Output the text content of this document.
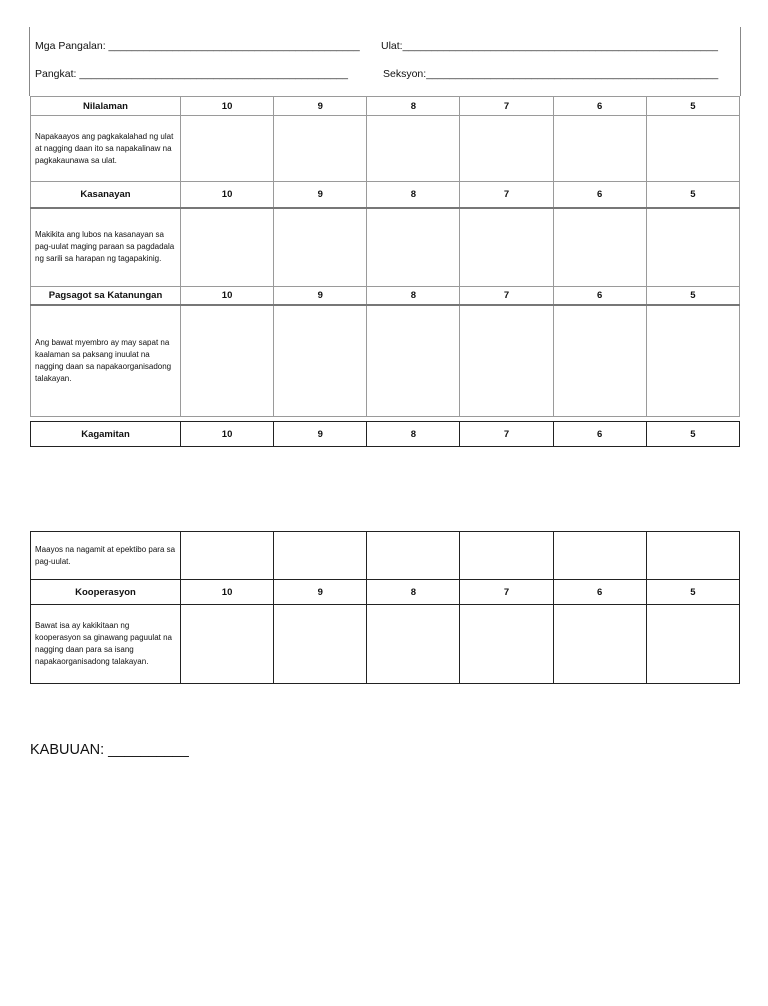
Mga Pangalan: ___________________________________________ Ulat:______________________________________________________
Pangkat: ______________________________________________	Seksyon:__________________________________________________
Nilalaman	10	9	8	7	6	5
Napakaayos ang pagkakalahad ng ulat at nagging daan ito sa napakalinaw na pagkakaunawa sa ulat.						
Kasanayan	10	9	8	7	6	5
Makikita ang lubos na kasanayan sa pag-uulat maging paraan sa pagdadala ng sarili sa harapan ng tagapakinig.						
Pagsagot sa Katanungan	10	9	8	7	6	5
Ang bawat myembro ay may sapat na kaalaman sa paksang inuulat na nagging daan sa napakaorganisadong talakayan.						
Kagamitan	10	9	8	7	6	5
Maayos na nagamit at epektibo para sa pag-uulat.						
Kooperasyon	10	9	8	7	6	5
Bawat isa ay kakikitaan ng kooperasyon sa ginawang paguulat na nagging daan para sa isang napakaorganisadong talakayan.						
KABUUAN: __________
